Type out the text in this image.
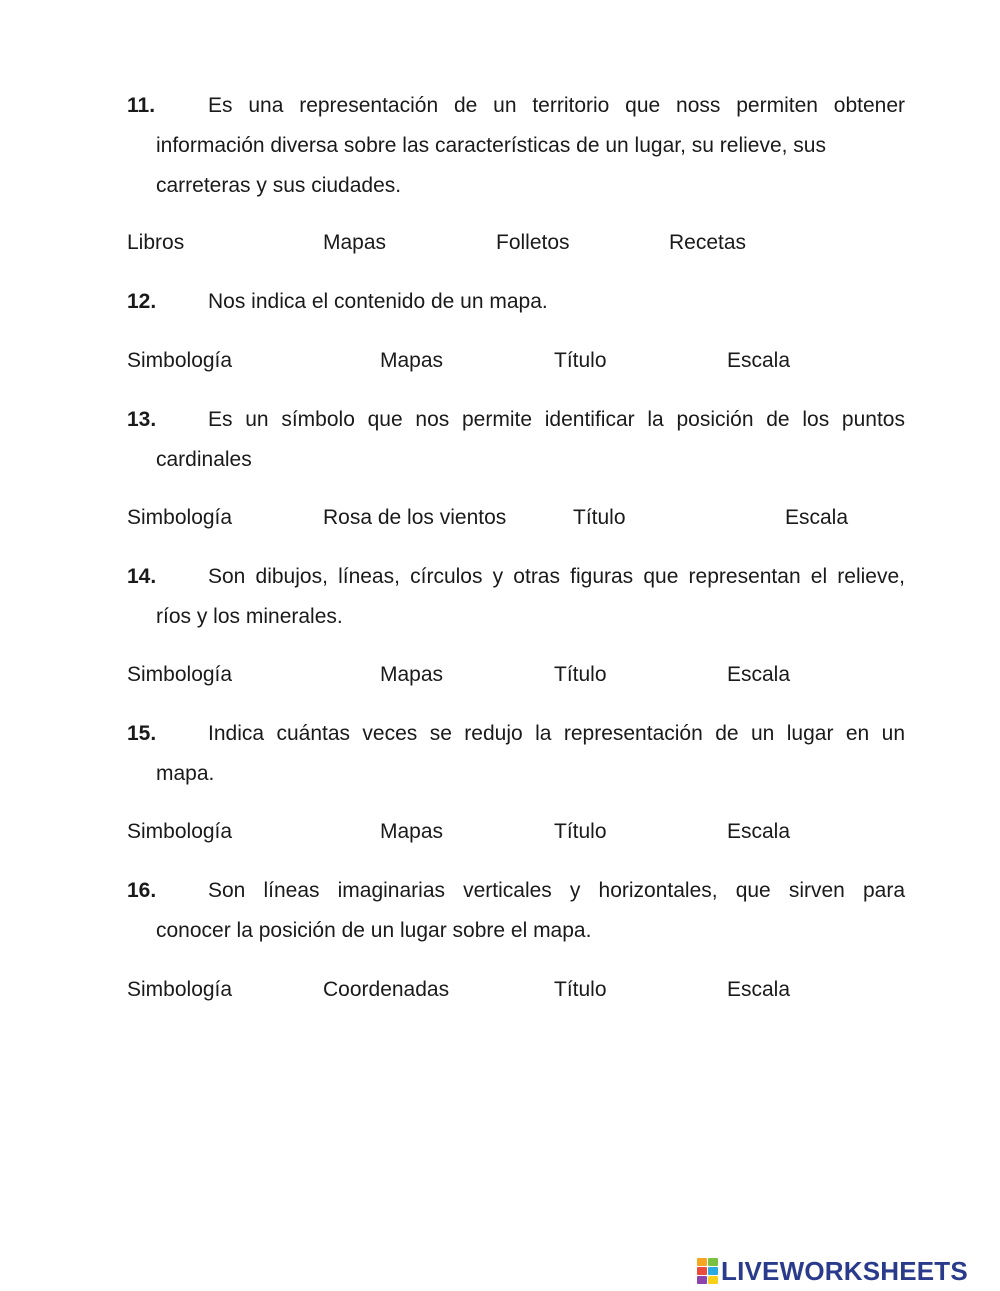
11.	Es una representación de un territorio que noss permiten obtener
información diversa sobre las características de un lugar, su relieve, sus
carreteras y sus ciudades.
Libros	Mapas	Folletos	Recetas
12.	Nos indica el contenido de un mapa.
Simbología	Mapas	Título	Escala
13.	Es un símbolo que nos permite identificar la posición de los puntos
cardinales
Simbología	Rosa de los vientos	Título	Escala
14.	Son dibujos, líneas, círculos y otras figuras que representan el relieve,
ríos y los minerales.
Simbología	Mapas	Título	Escala
15.	Indica cuántas veces se redujo la representación de un lugar en un
mapa.
Simbología	Mapas	Título	Escala
16.	Son líneas imaginarias verticales y horizontales, que sirven para
conocer la posición de un lugar sobre el mapa.
Simbología	Coordenadas	Título	Escala
LIVEWORKSHEETS
